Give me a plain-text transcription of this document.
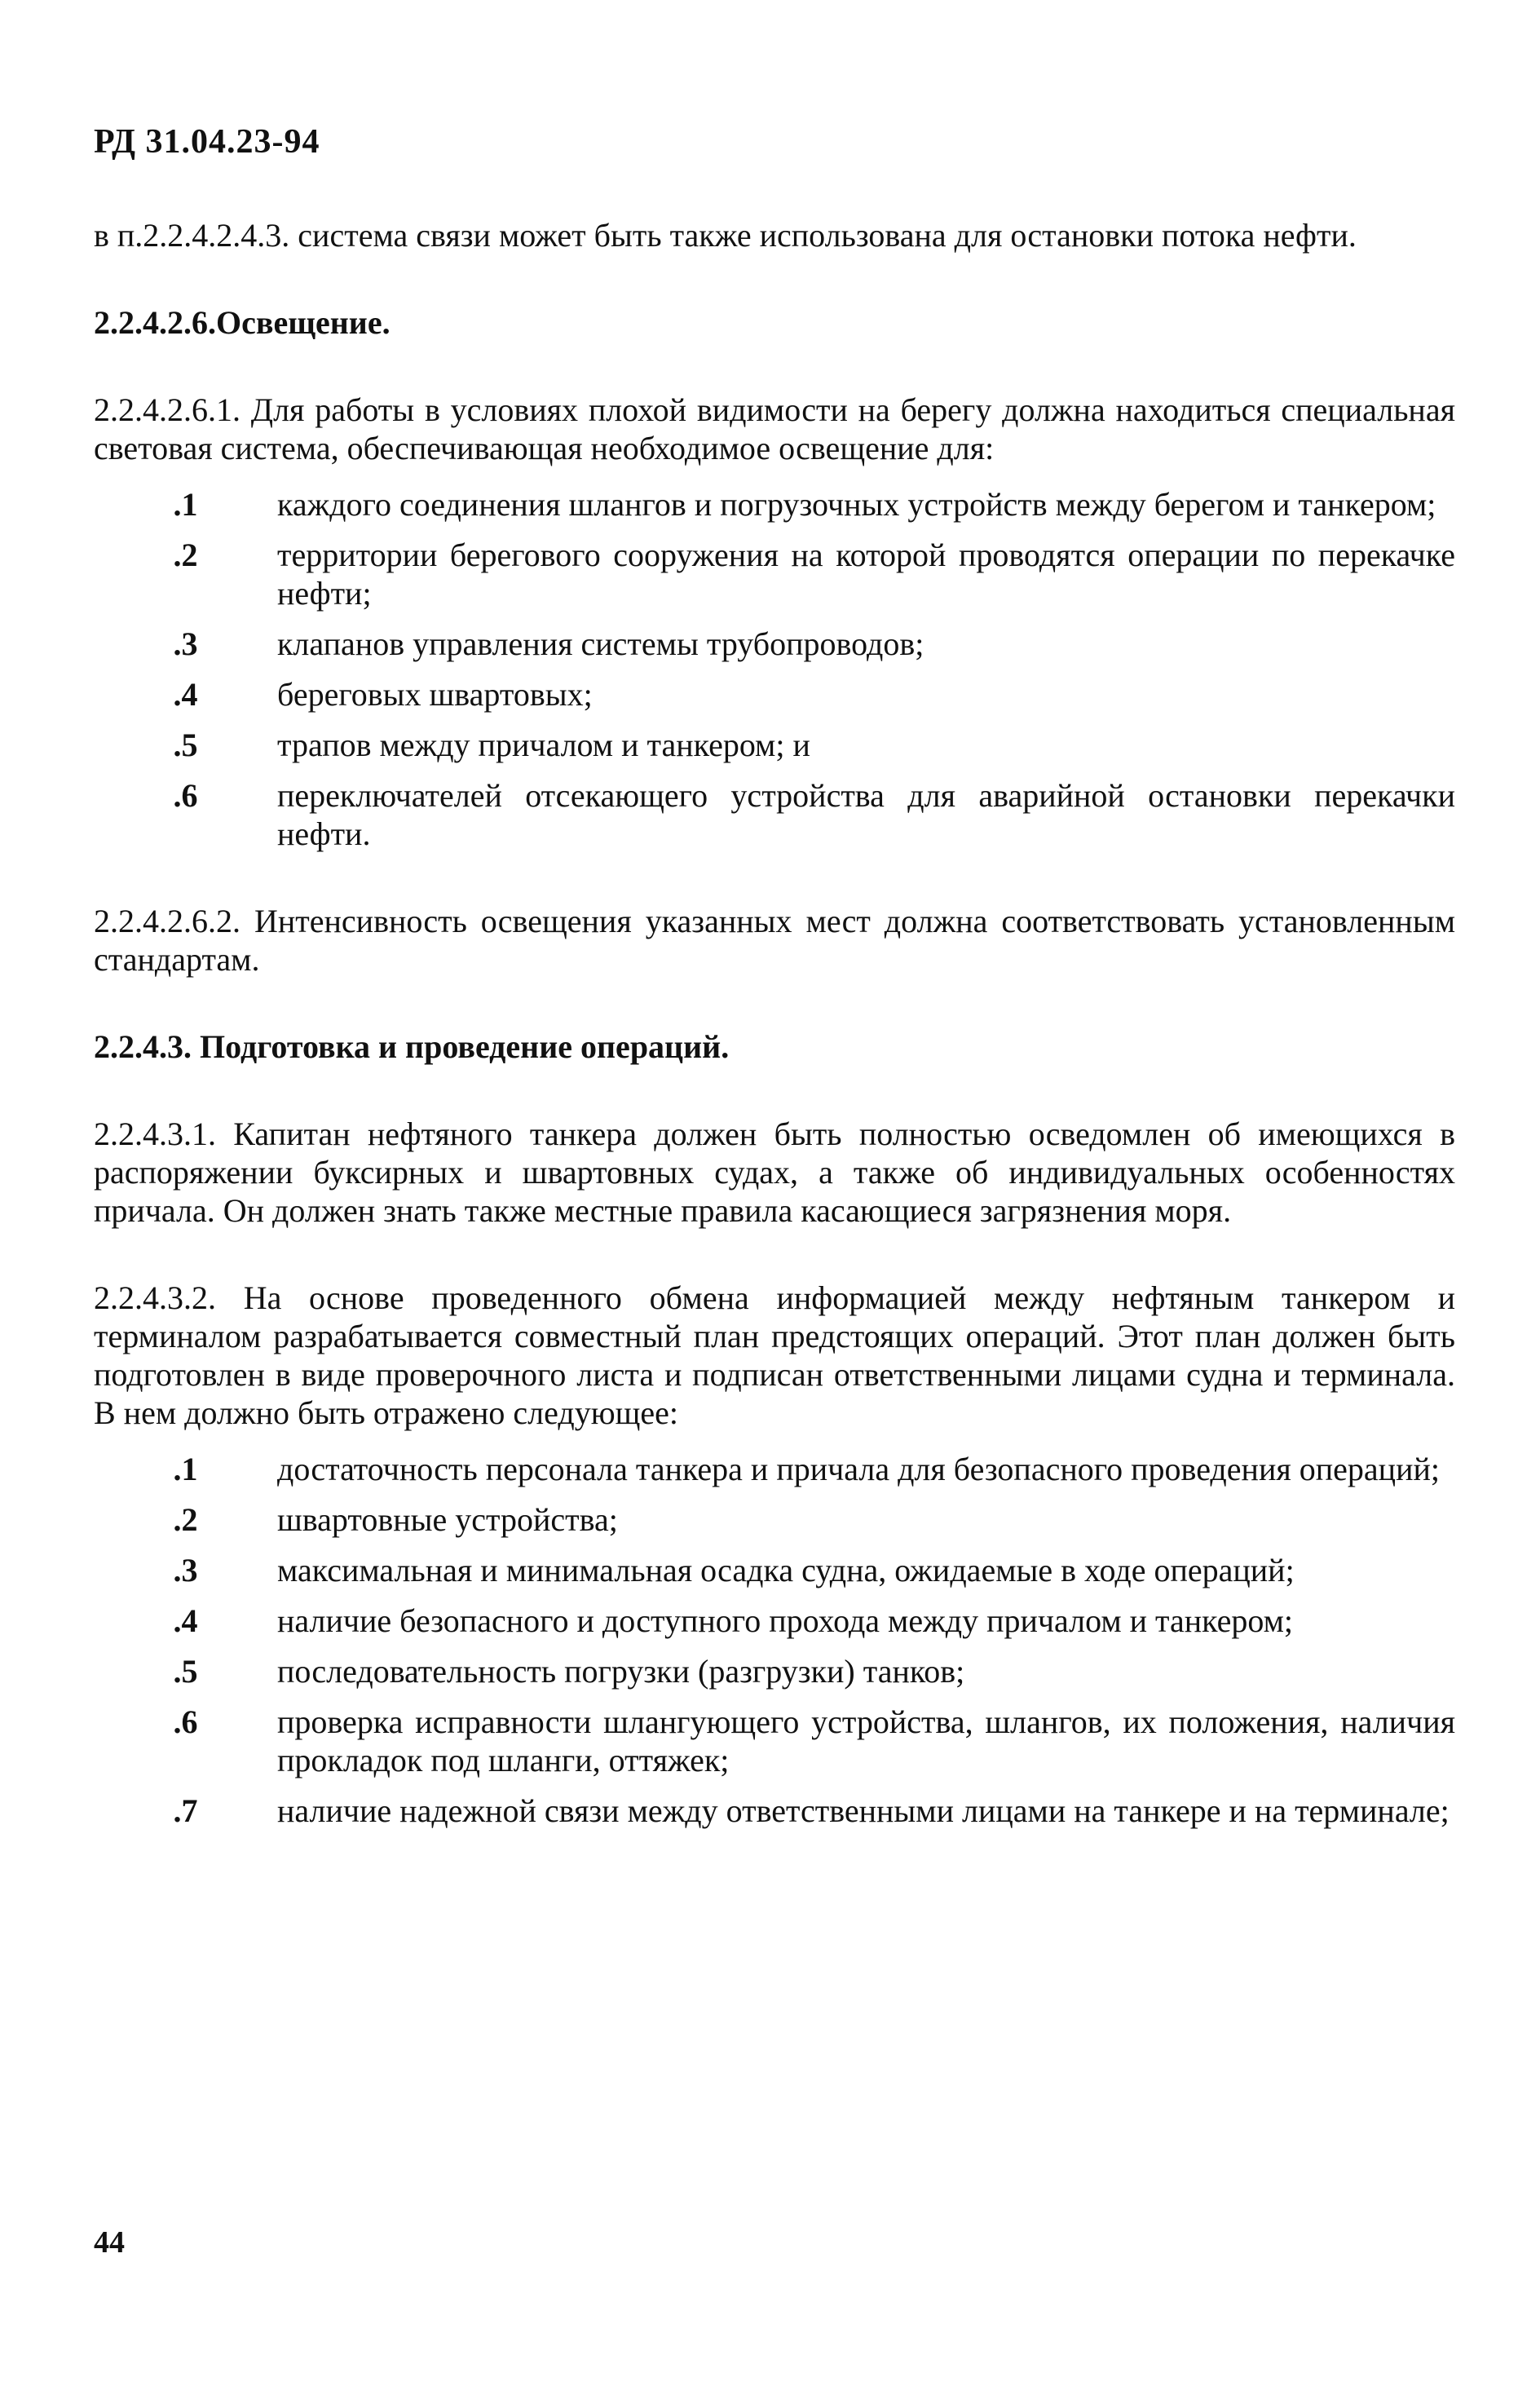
РД 31.04.23-94

в п.2.2.4.2.4.3. система связи может быть также использована для остановки потока нефти.

2.2.4.2.6.Освещение.

2.2.4.2.6.1. Для работы в условиях плохой видимости на берегу должна находиться специальная световая система, обеспечивающая необходимое освещение для:

.1	каждого соединения шлангов и погрузочных устройств между берегом и танкером;
.2	территории берегового сооружения на которой проводятся операции по перекачке нефти;
.3	клапанов управления системы трубопроводов;
.4	береговых швартовых;
.5	трапов между причалом и танкером; и
.6	переключателей отсекающего устройства для аварийной остановки перекачки нефти.

2.2.4.2.6.2. Интенсивность освещения указанных мест должна соответствовать установленным стандартам.

2.2.4.3. Подготовка и проведение операций.

2.2.4.3.1. Капитан нефтяного танкера должен быть полностью осведомлен об имеющихся в распоряжении буксирных и швартовных судах, а также об индивидуальных особенностях причала. Он должен знать также местные правила касающиеся загрязнения моря.

2.2.4.3.2. На основе проведенного обмена информацией между нефтяным танкером и терминалом разрабатывается совместный план предстоящих операций. Этот план должен быть подготовлен в виде проверочного листа и подписан ответственными лицами судна и терминала. В нем должно быть отражено следующее:

.1	достаточность персонала танкера и причала для безопасного проведения операций;
.2	швартовные устройства;
.3	максимальная и минимальная осадка судна, ожидаемые в ходе операций;
.4	наличие безопасного и доступного прохода между причалом и танкером;
.5	последовательность погрузки (разгрузки) танков;
.6	проверка исправности шлангующего устройства, шлангов, их положения, наличия прокладок под шланги, оттяжек;
.7	наличие надежной связи между ответственными лицами на танкере и на терминале;
44
